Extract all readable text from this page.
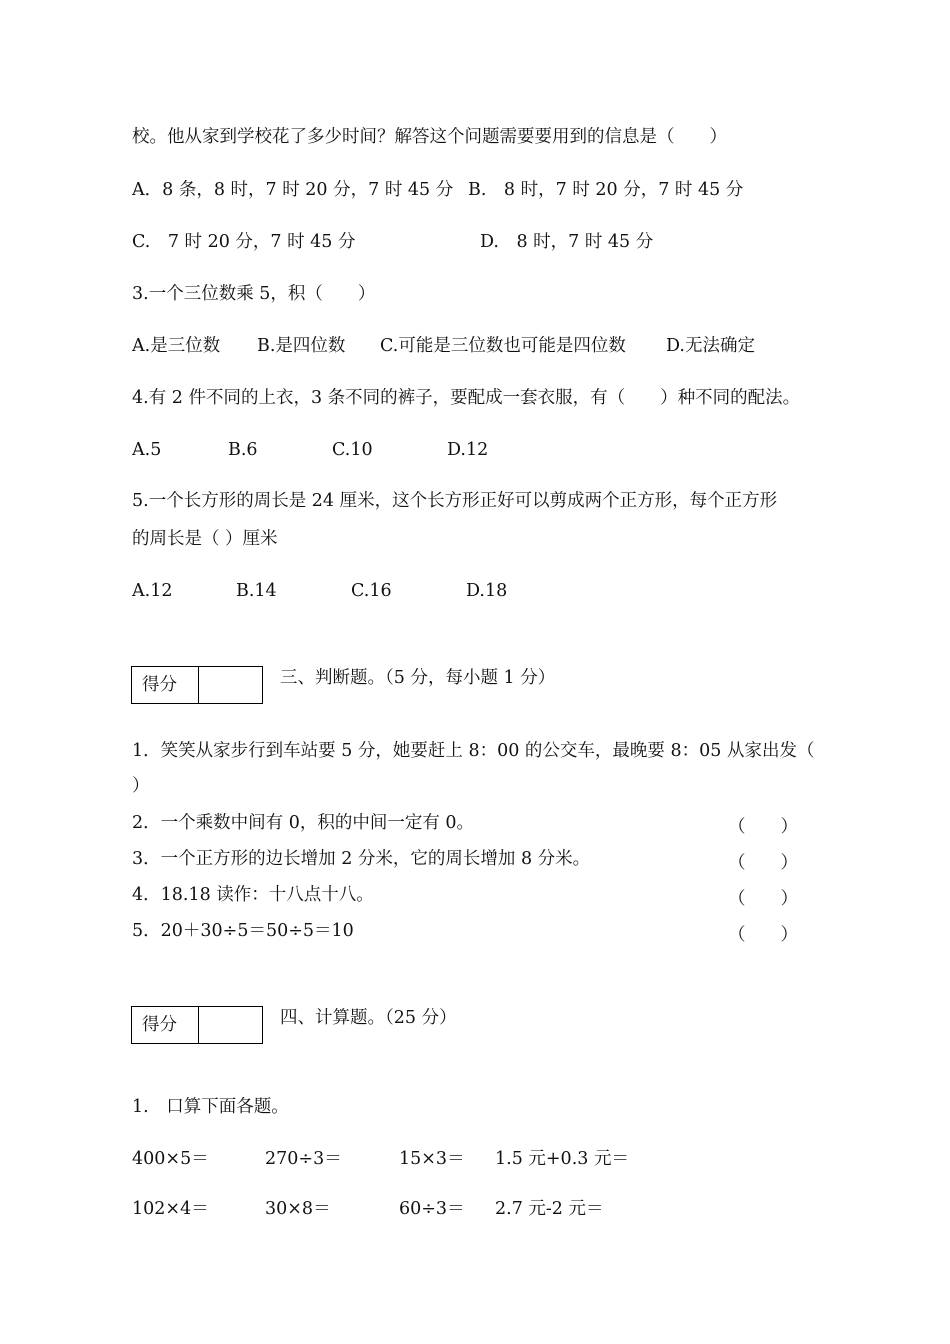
校。他从家到学校花了多少时间？解答这个问题需要要用到的信息是（　　）
A．8 条，8 时，7 时 20 分，7 时 45 分 B.　8 时，7 时 20 分，7 时 45 分
C.　7 时 20 分，7 时 45 分	D.　8 时，7 时 45 分
3.一个三位数乘 5，积（　　）
A.是三位数 B.是四位数 C.可能是三位数也可能是四位数 D.无法确定
4.有 2 件不同的上衣，3 条不同的裤子，要配成一套衣服，有（　　）种不同的配法。
A.5	B.6	C.10	D.12
5.一个长方形的周长是 24 厘米，这个长方形正好可以剪成两个正方形，每个正方形
的周长是（ ）厘米
A.12	B.14	C.16	D.18
得分	三、判断题。（5 分，每小题 1 分）
1．笑笑从家步行到车站要 5 分，她要赶上 8：00 的公交车，最晚要 8：05 从家出发（
）
2．一个乘数中间有 0，积的中间一定有 0。	（　　）
3．一个正方形的边长增加 2 分米，它的周长增加 8 分米。	（　　）
4．18.18 读作：十八点十八。	（　　）
5．20＋30÷5＝50÷5＝10	（　　）
得分	四、计算题。（25 分）
1.　口算下面各题。
400×5＝	270÷3＝	15×3＝ 1.5 元+0.3 元＝
102×4＝	30×8＝	60÷3＝ 2.7 元-2 元＝
